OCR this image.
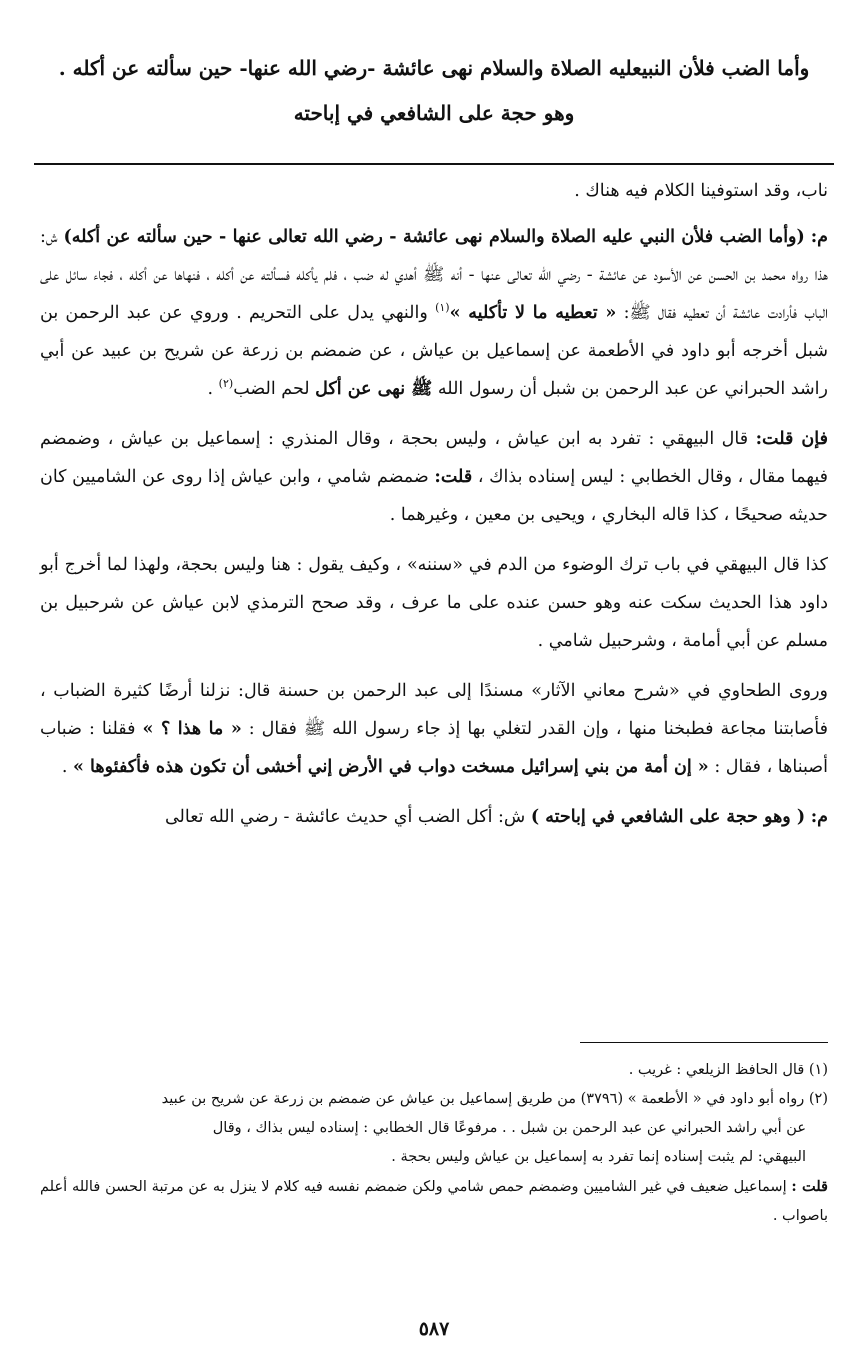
وأما الضب فلأن النبيعليه الصلاة والسلام نهى عائشة -رضي الله عنها- حين سألته عن أكله .

وهو حجة على الشافعي في إباحته

ناب، وقد استوفينا الكلام فيه هناك .

م: (وأما الضب فلأن النبي عليه الصلاة والسلام نهى عائشة - رضي الله تعالى عنها - حين سألته عن أكله) ش: هذا رواه محمد بن الحسن عن الأسود عن عائشة - رضي الله تعالى عنها - أنه ﷺ أهدي له ضب ، فلم يأكله فسألته عن أكله ، فنهاها عن أكله ، فجاء سائل على الباب فأرادت عائشة أن تعطيه فقال ﷺ: « تعطيه ما لا تأكليه »$^{(١)}$ والنهي يدل على التحريم . وروي عن عبد الرحمن بن شبل أخرجه أبو داود في الأطعمة عن إسماعيل بن عياش ، عن ضمضم بن زرعة عن شريح بن عبيد عن أبي راشد الحبراني عن عبد الرحمن بن شبل أن رسول الله ﷺ نهى عن أكل لحم الضب$^{(٢)}$ .

فإن قلت: قال البيهقي : تفرد به ابن عياش ، وليس بحجة ، وقال المنذري : إسماعيل بن عياش ، وضمضم فيهما مقال ، وقال الخطابي : ليس إسناده بذاك ، قلت: ضمضم شامي ، وابن عياش إذا روى عن الشاميين كان حديثه صحيحًا ، كذا قاله البخاري ، ويحيى بن معين ، وغيرهما .

كذا قال البيهقي في باب ترك الوضوء من الدم في «سننه» ، وكيف يقول : هنا وليس بحجة، ولهذا لما أخرج أبو داود هذا الحديث سكت عنه وهو حسن عنده على ما عرف ، وقد صحح الترمذي لابن عياش عن شرحبيل بن مسلم عن أبي أمامة ، وشرحبيل شامي .

وروى الطحاوي في «شرح معاني الآثار» مسندًا إلى عبد الرحمن بن حسنة قال: نزلنا أرضًا كثيرة الضباب ، فأصابتنا مجاعة فطبخنا منها ، وإن القدر لتغلي بها إذ جاء رسول الله ﷺ فقال : « ما هذا ؟ » فقلنا : ضباب أصبناها ، فقال : « إن أمة من بني إسرائيل مسخت دواب في الأرض إني أخشى أن تكون هذه فأكفئوها » .

م: ( وهو حجة على الشافعي في إباحته ) ش: أكل الضب أي حديث عائشة - رضي الله تعالى

(١) قال الحافظ الزيلعي : غريب .

(٢) رواه أبو داود في « الأطعمة » (٣٧٩٦) من طريق إسماعيل بن عياش عن ضمضم بن زرعة عن شريح بن عبيد

عن أبي راشد الحبراني عن عبد الرحمن بن شبل . . مرفوعًا قال الخطابي : إسناده ليس بذاك ، وقال

البيهقي: لم يثبت إسناده إنما تفرد به إسماعيل بن عياش وليس بحجة .

قلت : إسماعيل ضعيف في غير الشاميين وضمضم حمص شامي ولكن ضمضم نفسه فيه كلام لا ينزل به عن مرتبة الحسن فالله أعلم باصواب .

٥٨٧
